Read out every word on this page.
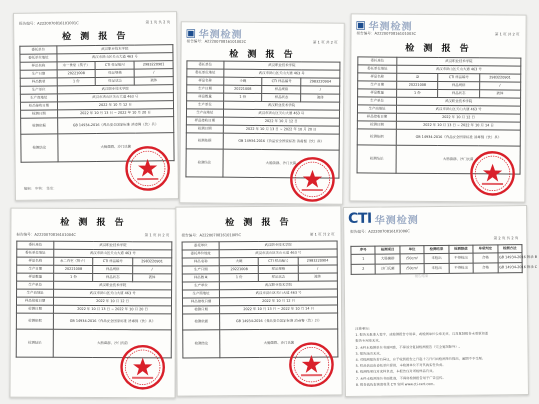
报告编号：A2220070816101001C	第 1 页 共 2 页
检 测 报 告
委托单位	武汉职业技术学院		
委托单位地址	武汉市洪山区关山大道 463 号		
样品名称	水一食堂（筷子）	CTI 样品编号	2983220901
生产日期	20221008	样品规格	/
样品数量	1 份	样品状态	液体
生产单位	武汉职业技术学院		
生产商地址	武汉市洪山区关山大道 463 号		
样品接收日期	2022 年 10 月 12 日		
检测日期	2022 年 10 月 13 日 ~ 2022 年 10 月 20 日		
检测依据	GB 14934-2016《食品安全国家标准 消毒餐（饮）具》		
检测结论	大肠菌群、沙门氏菌		
编制： 审核： 签发：
▣ 华测检测
报告编号：A2220070816101002C	第 1 页 共 2 页
检 测 报 告
委托单位	武汉职业技术学院		
委托单位地址	武汉市洪山区关山大道 463 号		
样品名称	小碗	CTI 样品编号	2983220904
生产日期	20221008	样品规格	/
样品数量	1 份	样品状态	液体
生产单位	武汉职业技术学院		
生产商地址	武汉市洪山区关山大道 463 号		
样品接收日期	2022 年 10 月 12 日		
检测日期	2022 年 10 月 13 日 ~ 2022 年 10 月 20 日		
检测依据	GB 14934-2016《食品安全国家标准 消毒餐（饮）具》		
检测结论	大肠菌群、沙门氏菌		
▣ 华测检测
报告编号：A2220070816101003C	第 1 页 共 2 页
检 测 报 告
委托单位	武汉职业技术学院		
委托单位地址	武汉市洪山区关山大道 463 号		
样品名称	盘	CTI 样品编号	2983220901
生产日期	20221008	样品规格	/
样品数量	1 份	样品状态	液体
生产单位	武汉职业技术学院		
生产商地址	武汉市洪山区关山大道 463 号		
样品接收日期	2022 年 10 月 12 日		
检测日期	2022 年 10 月 13 日 ~ 2022 年 10 月 14 日		
检测依据	GB 14934-2016《食品安全国家标准 消毒餐（饮）具》		
检测结论	大肠菌群、沙门氏菌		
报告编号：A2220070816101004C	第 1 页 共 2 页
检 测 报 告
委托单位	武汉职业技术学院		
委托单位地址	武汉市洪山区关山大道 463 号		
样品名称	水二食堂（筷子）	CTI 样品编号	2983220901
生产日期	20221008	样品规格	/
样品数量	1 份	样品状态	液体
生产单位	武汉职业技术学院		
生产商地址	武汉市洪山区关山大道 463 号		
样品接收日期	2022 年 10 月 12 日		
检测日期	2022 年 10 月 13 日 ~ 2022 年 10 月 20 日		
检测依据	GB 14934-2016《食品安全国家标准 消毒餐（饮）具》		
检测结论	大肠菌群、沙门氏菌		
报告编号：A2220070816101005C	第 1 页 共 2 页
检 测 报 告
委托单位	武汉职业技术学院		
委托单位地址	武汉市洪山区关山大道 463 号		
样品名称	大碗	CTI 样品编号	2983220904
生产日期	20221008	样品规格	/
样品数量	1 份	样品状态	液体
生产单位	武汉职业技术学院		
生产商地址	武汉市洪山区关山大道 463 号		
样品接收日期	2022 年 10 月 12 日		
检测日期	2022 年 10 月 13 日 ~ 2022 年 10 月 14 日		
检测依据	GB 14934-2016《食品安全国家标准 消毒餐（饮）具》		
检测结论	大肠菌群、沙门氏菌		
CTI 华测检测
报告编号：A2220070816101006C
第 2 页 共 2 页
序号	检测项目	单位	检测结果	检测限值	单项判定	检测方法
1	大肠菌群	/50cm²	未检出	不得检出	合格	GB 14934-2016 附录 B
2	沙门氏菌	/50cm²	未检出	不得检出	合格	GB 14934-2016 附录 C
报告结束
注意事项：
1. 报告无批准人签字，或检测报告专用章，或检测单位公章无效，以及复制报告未重新加盖
报告专用章无效。
2. 未经本检测单位书面同意，不得部分复制检测报告（完全复制除外）。
3. 报告涂改无效。
4. 对检测报告若有异议，应于收到报告之日起十五日内向检测单位提出，逾期不予受理。
5. 样品信息由委托单位提供，本检测单位不对其真实性负责。
6. 检测结果仅对来样负责，本报告仅对所检样品有效。
7. 未经本检测单位书面批准，不得将检测报告用于广告宣传。
8. 报告真伪查询请登录 CTI 官网 www.cti-cert.com。
